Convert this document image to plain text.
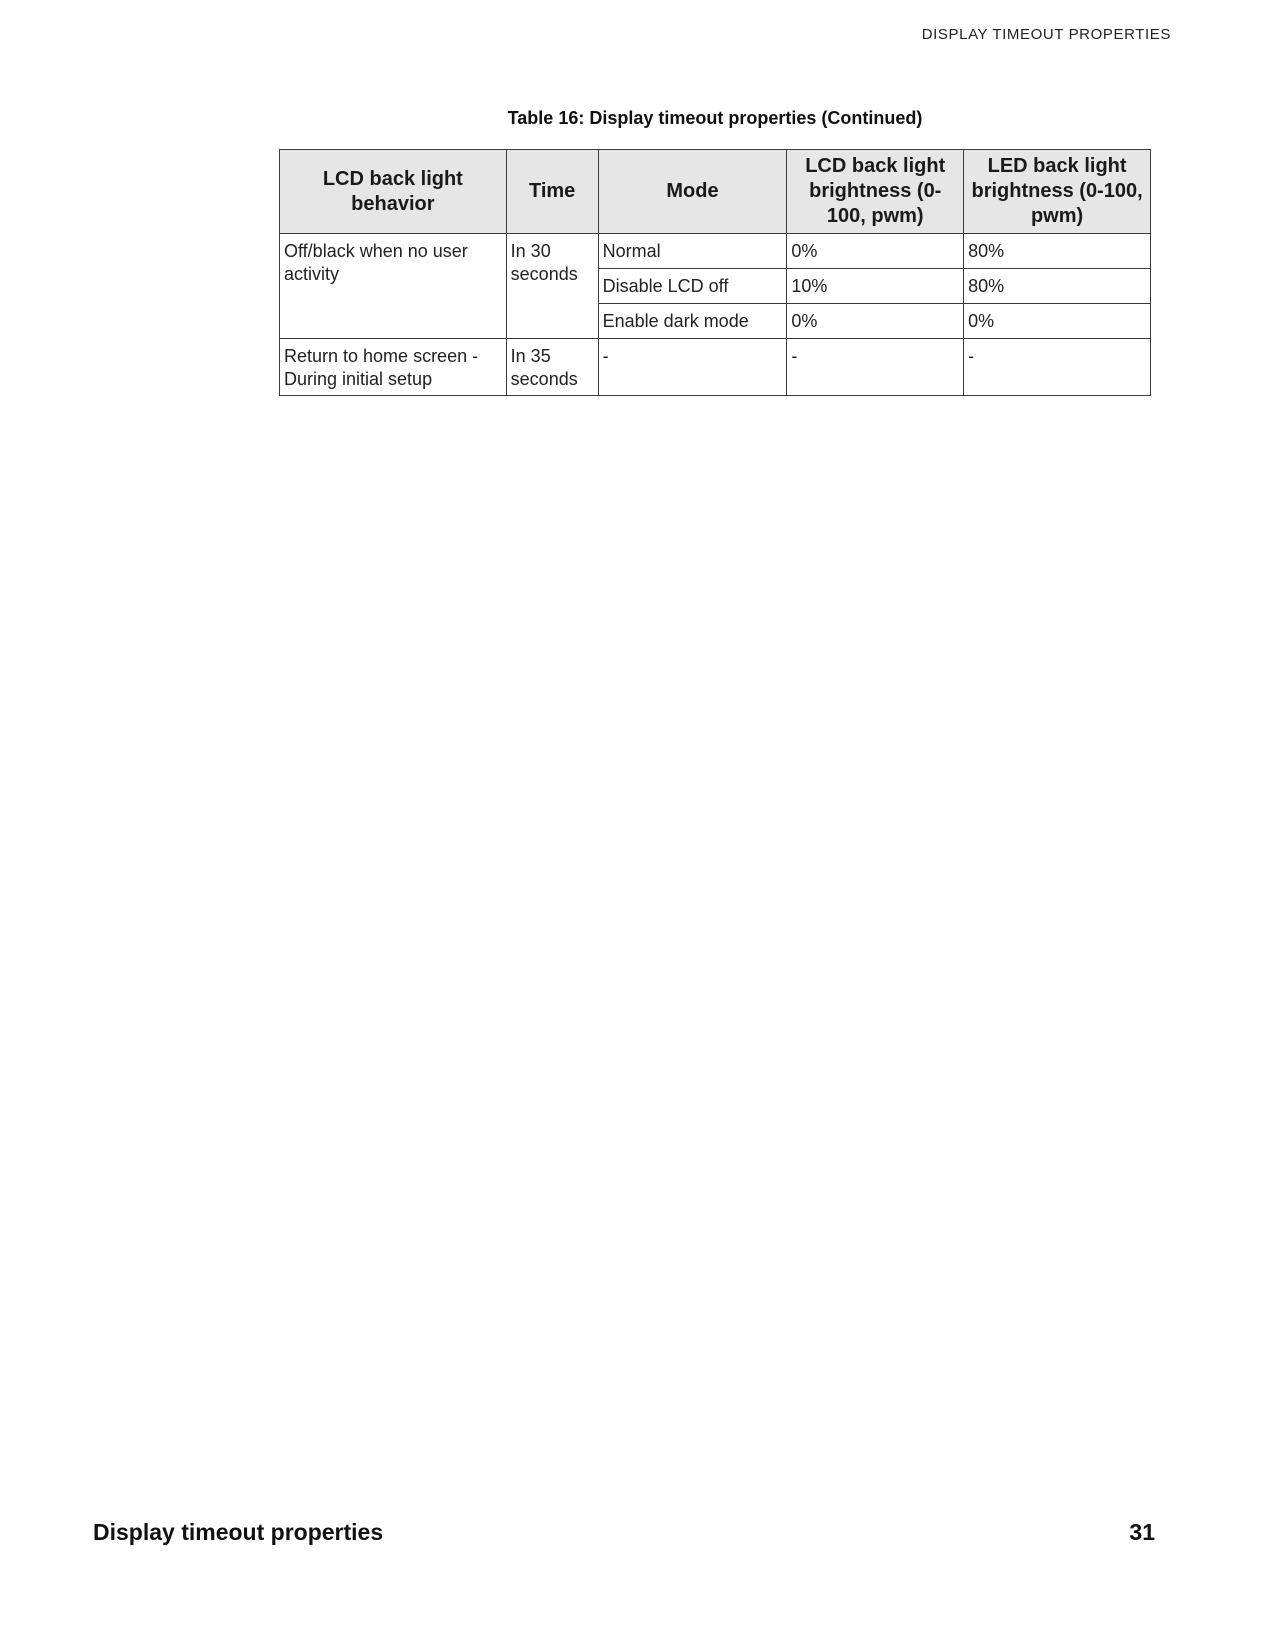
DISPLAY TIMEOUT PROPERTIES
Table 16: Display timeout properties (Continued)
LCD back light behavior	Time	Mode	LCD back light brightness (0-100, pwm)	LED back light brightness (0-100, pwm)
Off/black when no user activity	In 30 seconds	Normal	0%	80%
		Disable LCD off	10%	80%
		Enable dark mode	0%	0%
Return to home screen - During initial setup	In 35 seconds	-	-	-
Display timeout properties	31
